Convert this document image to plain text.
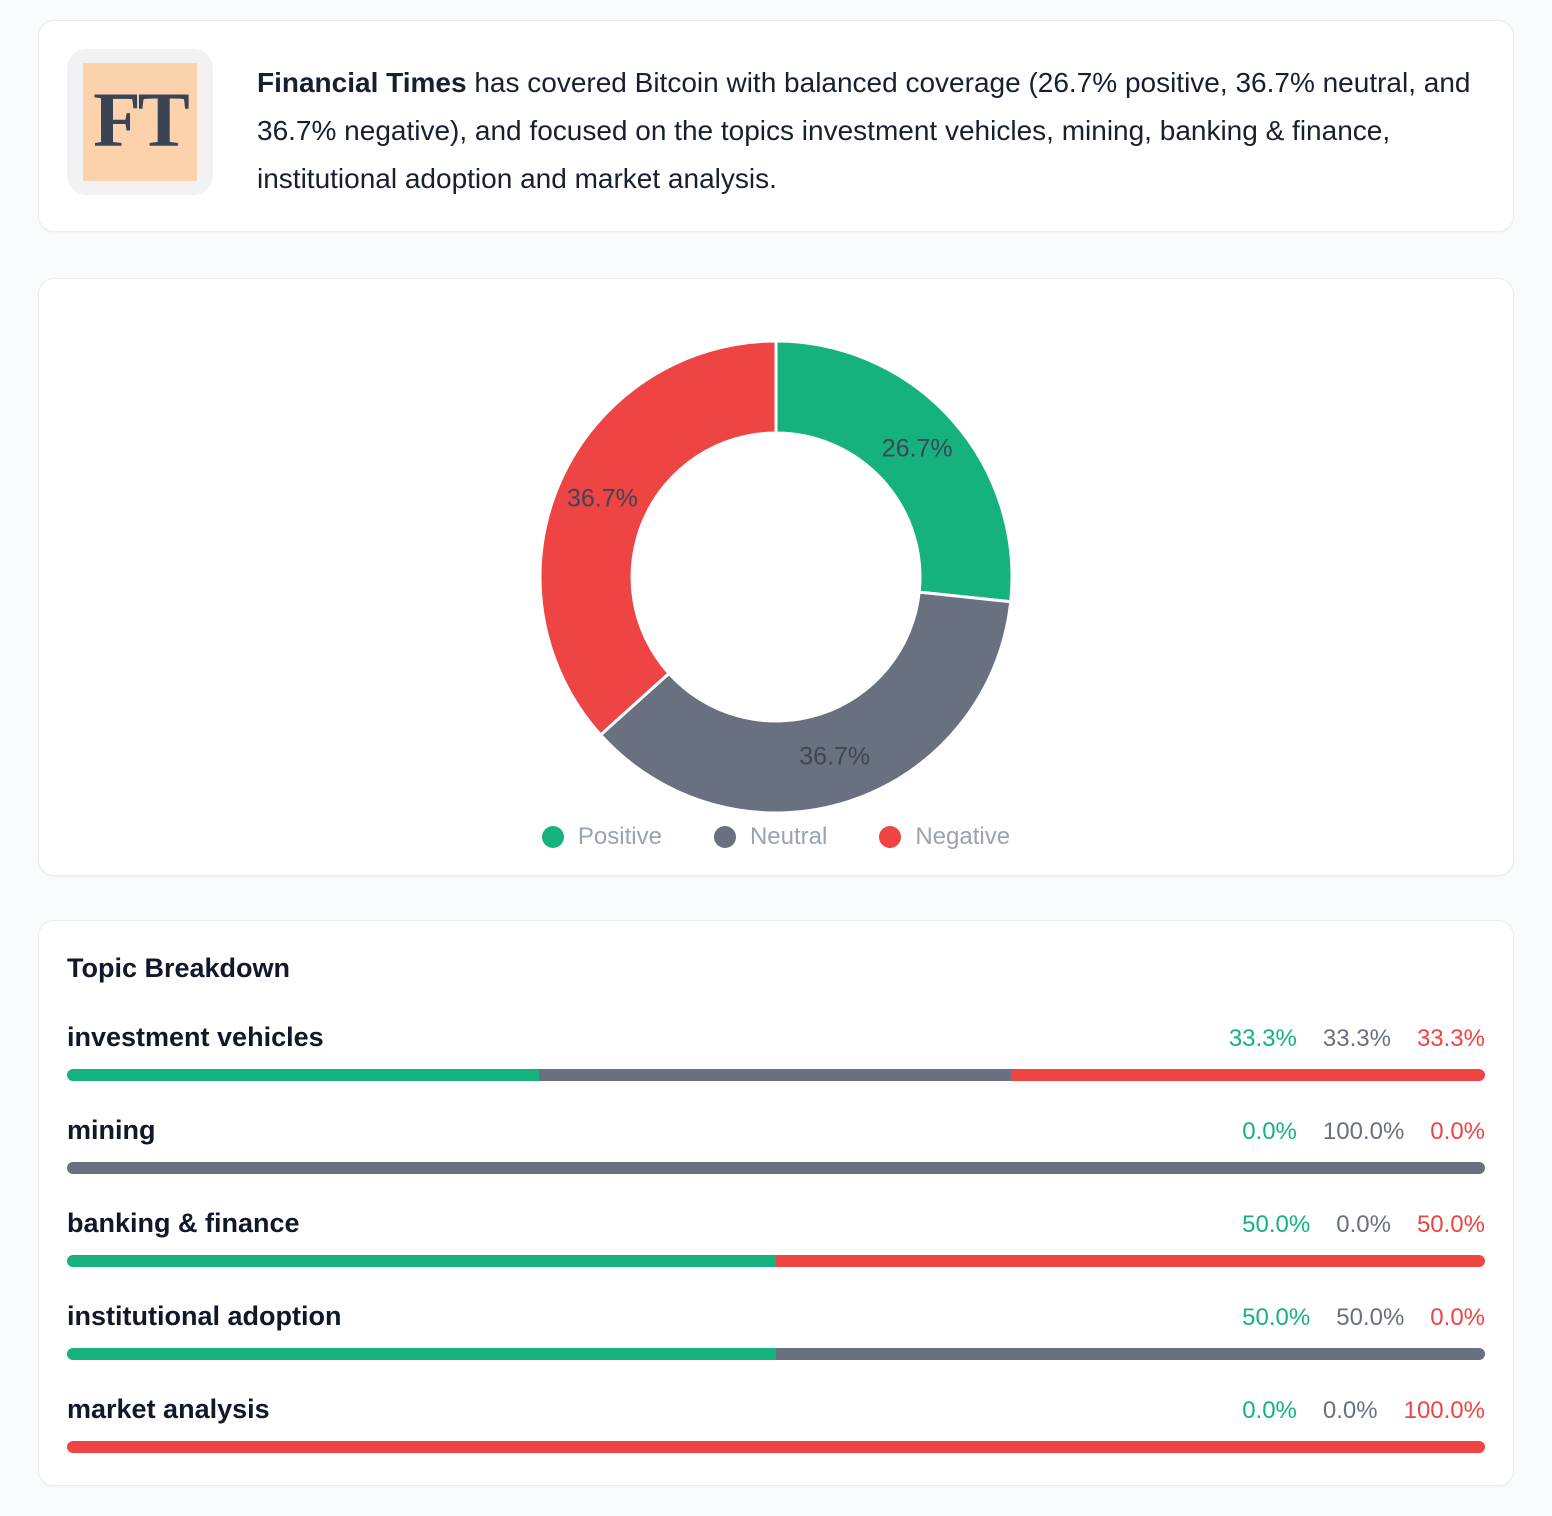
FT	Financial Times has covered Bitcoin with balanced coverage (26.7% positive, 36.7% neutral, and 36.7% negative), and focused on the topics investment vehicles, mining, banking & finance, institutional adoption and market analysis.

26.7%
36.7%
36.7%
Positive	Neutral	Negative
Topic Breakdown
investment vehicles	33.3% 33.3% 33.3%
mining	0.0% 100.0% 0.0%
banking & finance	50.0% 0.0% 50.0%
institutional adoption	50.0% 50.0% 0.0%
market analysis	0.0% 0.0% 100.0%
